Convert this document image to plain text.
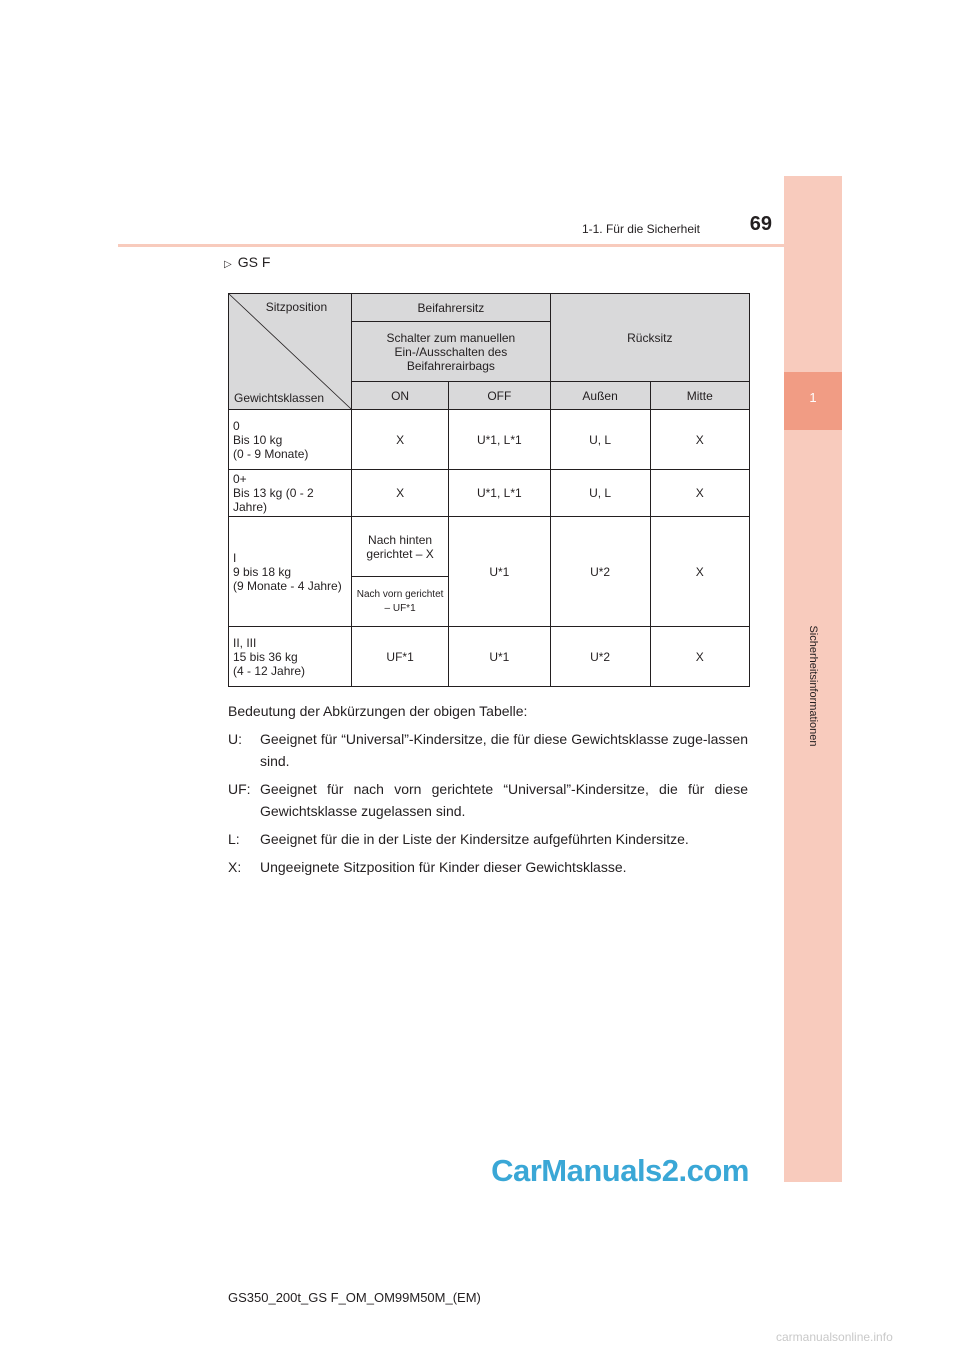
1
Sicherheitsinformationen
1-1. Für die Sicherheit	69
▷ GS F
Sitzposition
Gewichtsklassen	Beifahrersitz		Rücksitz	
	Schalter zum manuellen Ein-/Ausschalten des Beifahrerairbags			
	ON	OFF	Außen	Mitte

0
Bis 10 kg
(0 - 9 Monate)	X	U*1, L*1	U, L	X

0+
Bis 13 kg (0 - 2 Jahre)	X	U*1, L*1	U, L	X

I
9 bis 18 kg
(9 Monate - 4 Jahre)	Nach hinten gerichtet – X	U*1	U*2	X
	Nach vorn gerichtet – UF*1			

II, III
15 bis 36 kg
(4 - 12 Jahre)	UF*1	U*1	U*2	X
Bedeutung der Abkürzungen der obigen Tabelle:
U:	Geeignet für “Universal”-Kindersitze, die für diese Gewichtsklasse zuge-lassen sind.
UF: Geeignet für nach vorn gerichtete “Universal”-Kindersitze, die für diese Gewichtsklasse zugelassen sind.
L:	Geeignet für die in der Liste der Kindersitze aufgeführten Kindersitze.
X:	Ungeeignete Sitzposition für Kinder dieser Gewichtsklasse.
CarManuals2.com
GS350_200t_GS F_OM_OM99M50M_(EM)
carmanualsonline.info
